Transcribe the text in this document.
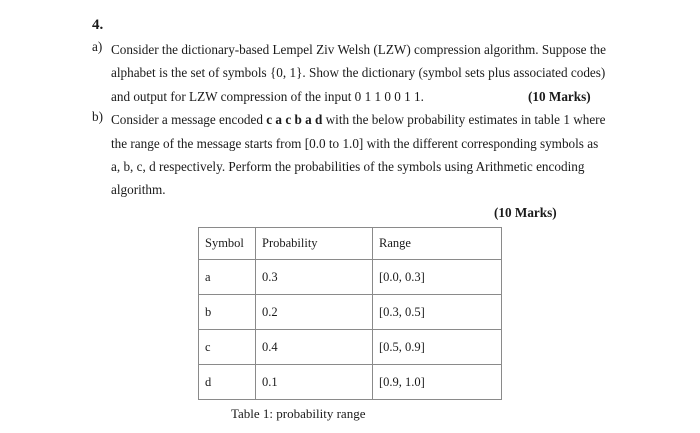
4.
a) Consider the dictionary-based Lempel Ziv Welsh (LZW) compression algorithm. Suppose the
alphabet is the set of symbols {0, 1}. Show the dictionary (symbol sets plus associated codes)
and output for LZW compression of the input 0 1 1 0 0 1 1.	(10 Marks)
b) Consider a message encoded c a c b a d with the below probability estimates in table 1 where
the range of the message starts from [0.0 to 1.0] with the different corresponding symbols as
a, b, c, d respectively. Perform the probabilities of the symbols using Arithmetic encoding
algorithm.
(10 Marks)
Symbol	Probability	Range
a	0.3	[0.0, 0.3]
b	0.2	[0.3, 0.5]
c	0.4	[0.5, 0.9]
d	0.1	[0.9, 1.0]
Table 1: probability range
